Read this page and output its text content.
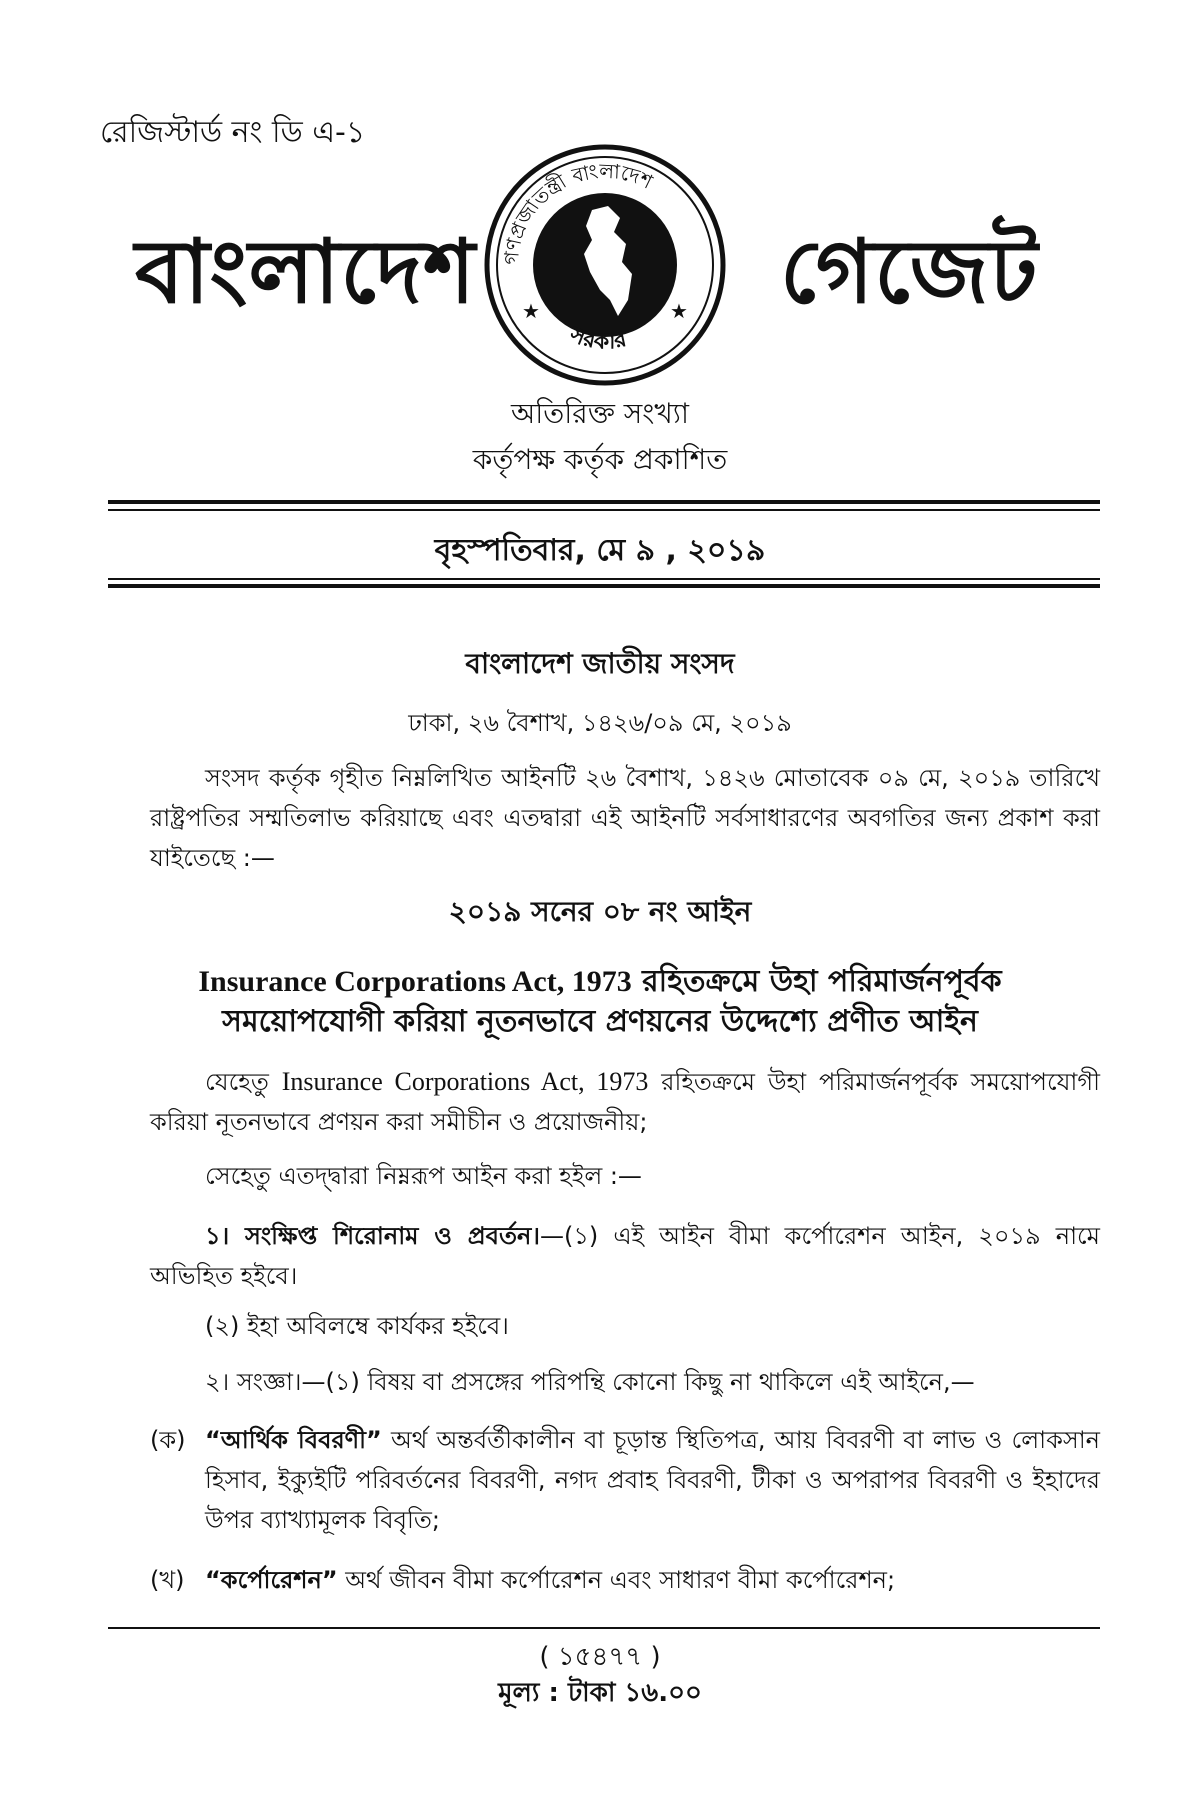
রেজিস্টার্ড নং ডি এ-১
বাংলাদেশ	গেজেট
গণপ্রজাতন্ত্রী বাংলাদেশ
সরকার
★	★
অতিরিক্ত সংখ্যা
কর্তৃপক্ষ কর্তৃক প্রকাশিত
বৃহস্পতিবার, মে ৯ , ২০১৯
বাংলাদেশ জাতীয় সংসদ
ঢাকা, ২৬ বৈশাখ, ১৪২৬/০৯ মে, ২০১৯
সংসদ কর্তৃক গৃহীত নিম্নলিখিত আইনটি ২৬ বৈশাখ, ১৪২৬ মোতাবেক ০৯ মে, ২০১৯ তারিখে রাষ্ট্রপতির সম্মতিলাভ করিয়াছে এবং এতদ্বারা এই আইনটি সর্বসাধারণের অবগতির জন্য প্রকাশ করা যাইতেছে :—
২০১৯ সনের ০৮ নং আইন
Insurance Corporations Act, 1973 রহিতক্রমে উহা পরিমার্জনপূর্বক
সময়োপযোগী করিয়া নূতনভাবে প্রণয়নের উদ্দেশ্যে প্রণীত আইন
যেহেতু Insurance Corporations Act, 1973 রহিতক্রমে উহা পরিমার্জনপূর্বক সময়োপযোগী করিয়া নূতনভাবে প্রণয়ন করা সমীচীন ও প্রয়োজনীয়;
সেহেতু এতদ্দ্বারা নিম্নরূপ আইন করা হইল :—
১। সংক্ষিপ্ত শিরোনাম ও প্রবর্তন।—(১) এই আইন বীমা কর্পোরেশন আইন, ২০১৯ নামে অভিহিত হইবে।
(২) ইহা অবিলম্বে কার্যকর হইবে।
২। সংজ্ঞা।—(১) বিষয় বা প্রসঙ্গের পরিপন্থি কোনো কিছু না থাকিলে এই আইনে,—
(ক) “আর্থিক বিবরণী” অর্থ অন্তর্বর্তীকালীন বা চূড়ান্ত স্থিতিপত্র, আয় বিবরণী বা লাভ ও লোকসান হিসাব, ইক্যুইটি পরিবর্তনের বিবরণী, নগদ প্রবাহ বিবরণী, টীকা ও অপরাপর বিবরণী ও ইহাদের উপর ব্যাখ্যামূলক বিবৃতি;
(খ) “কর্পোরেশন” অর্থ জীবন বীমা কর্পোরেশন এবং সাধারণ বীমা কর্পোরেশন;
( ১৫৪৭৭ )
মূল্য : টাকা ১৬.০০
